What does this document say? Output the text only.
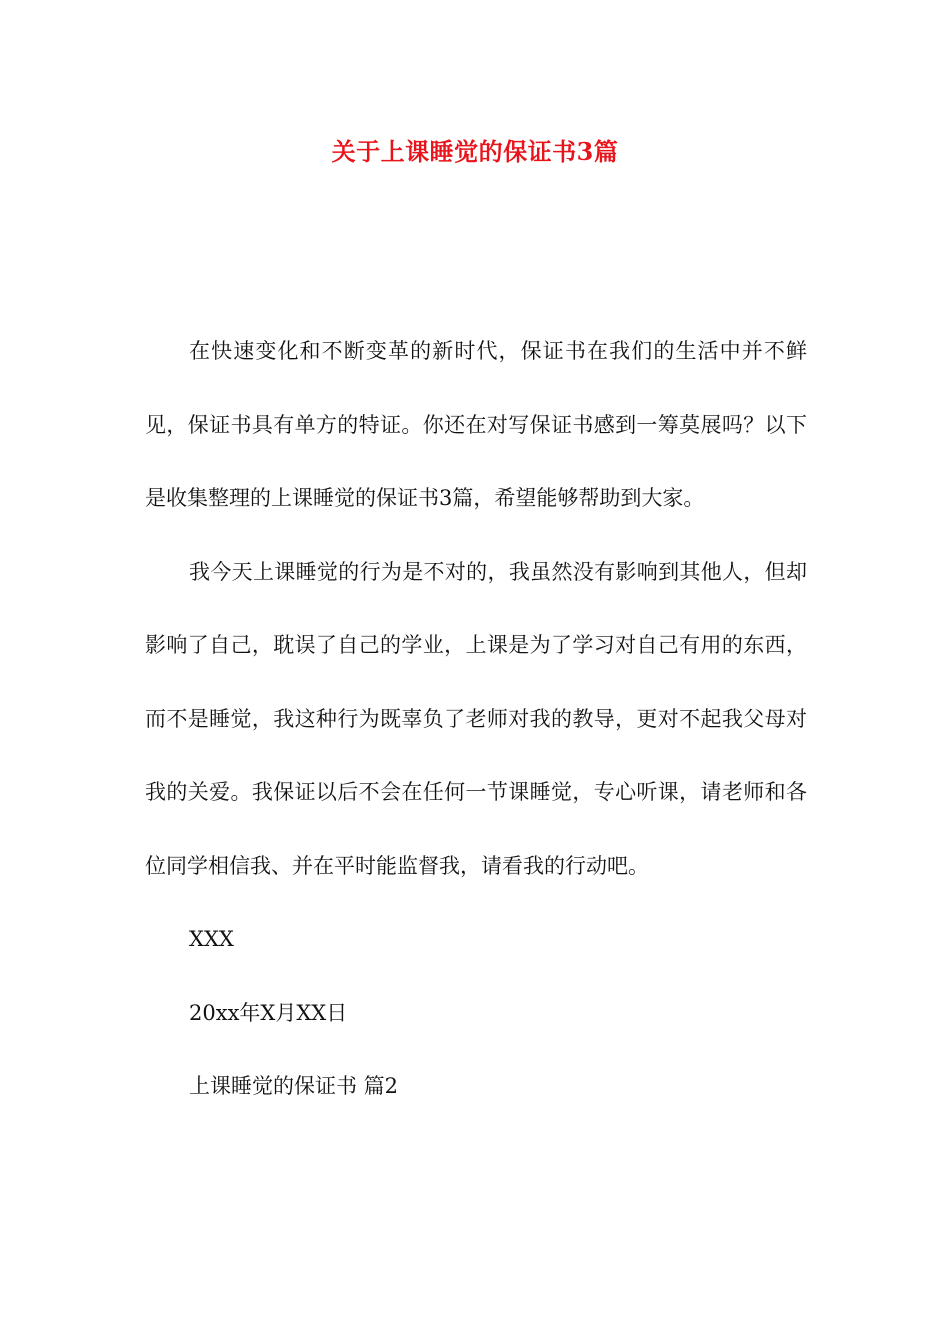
关于上课睡觉的保证书3篇

在快速变化和不断变革的新时代，保证书在我们的生活中并不鲜见，保证书具有单方的特证。你还在对写保证书感到一筹莫展吗？以下是收集整理的上课睡觉的保证书3篇，希望能够帮助到大家。

我今天上课睡觉的行为是不对的，我虽然没有影响到其他人，但却影响了自己，耽误了自己的学业，上课是为了学习对自己有用的东西，而不是睡觉，我这种行为既辜负了老师对我的教导，更对不起我父母对我的关爱。我保证以后不会在任何一节课睡觉，专心听课，请老师和各位同学相信我、并在平时能监督我，请看我的行动吧。

XXX

20xx年X月XX日

上课睡觉的保证书 篇2
